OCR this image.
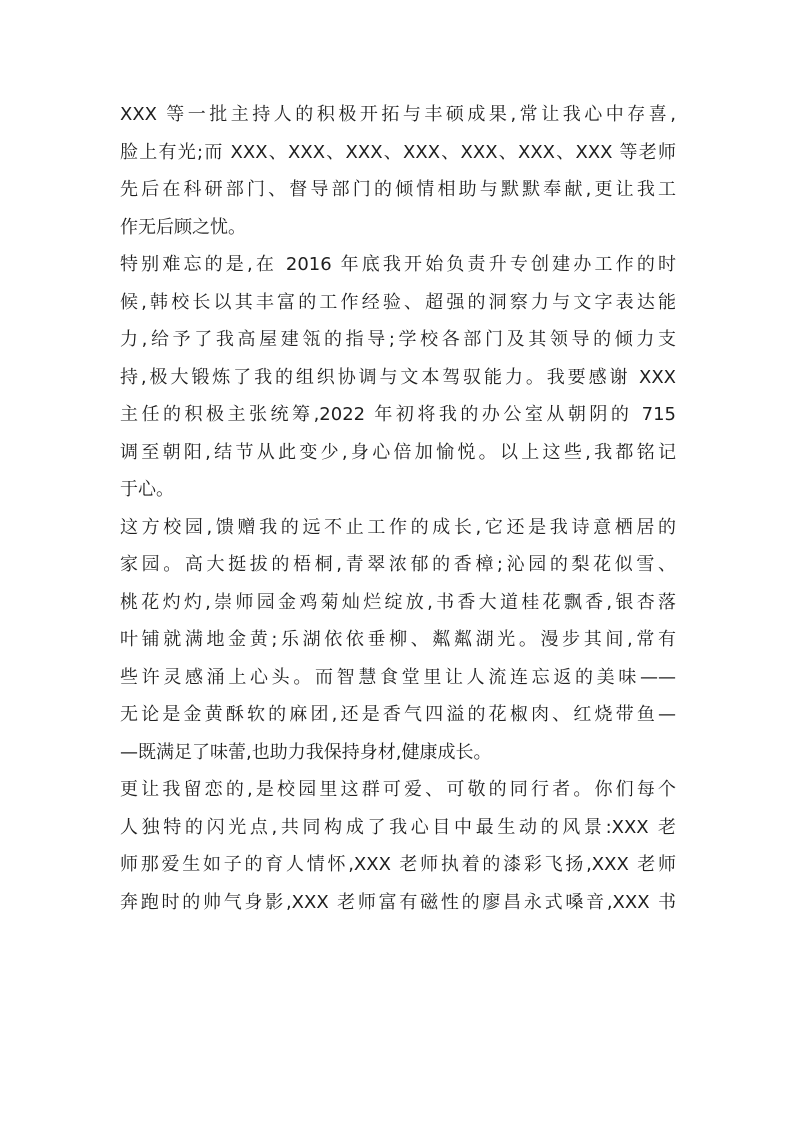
XXX 等一批主持人的积极开拓与丰硕成果,常让我心中存喜,
脸上有光;而 XXX、XXX、XXX、XXX、XXX、XXX、XXX 等老师
先后在科研部门、督导部门的倾情相助与默默奉献,更让我工
作无后顾之忧。
特别难忘的是,在 2016 年底我开始负责升专创建办工作的时
候,韩校长以其丰富的工作经验、超强的洞察力与文字表达能
力,给予了我高屋建瓴的指导;学校各部门及其领导的倾力支
持,极大锻炼了我的组织协调与文本驾驭能力。我要感谢 XXX
主任的积极主张统筹,2022 年初将我的办公室从朝阴的 715
调至朝阳,结节从此变少,身心倍加愉悦。以上这些,我都铭记
于心。
这方校园,馈赠我的远不止工作的成长,它还是我诗意栖居的
家园。高大挺拔的梧桐,青翠浓郁的香樟;沁园的梨花似雪、
桃花灼灼,崇师园金鸡菊灿烂绽放,书香大道桂花飘香,银杏落
叶铺就满地金黄;乐湖依依垂柳、粼粼湖光。漫步其间,常有
些许灵感涌上心头。而智慧食堂里让人流连忘返的美味——
无论是金黄酥软的麻团,还是香气四溢的花椒肉、红烧带鱼—
—既满足了味蕾,也助力我保持身材,健康成长。
更让我留恋的,是校园里这群可爱、可敬的同行者。你们每个
人独特的闪光点,共同构成了我心目中最生动的风景:XXX 老
师那爱生如子的育人情怀,XXX 老师执着的漆彩飞扬,XXX 老师
奔跑时的帅气身影,XXX 老师富有磁性的廖昌永式嗓音,XXX 书
